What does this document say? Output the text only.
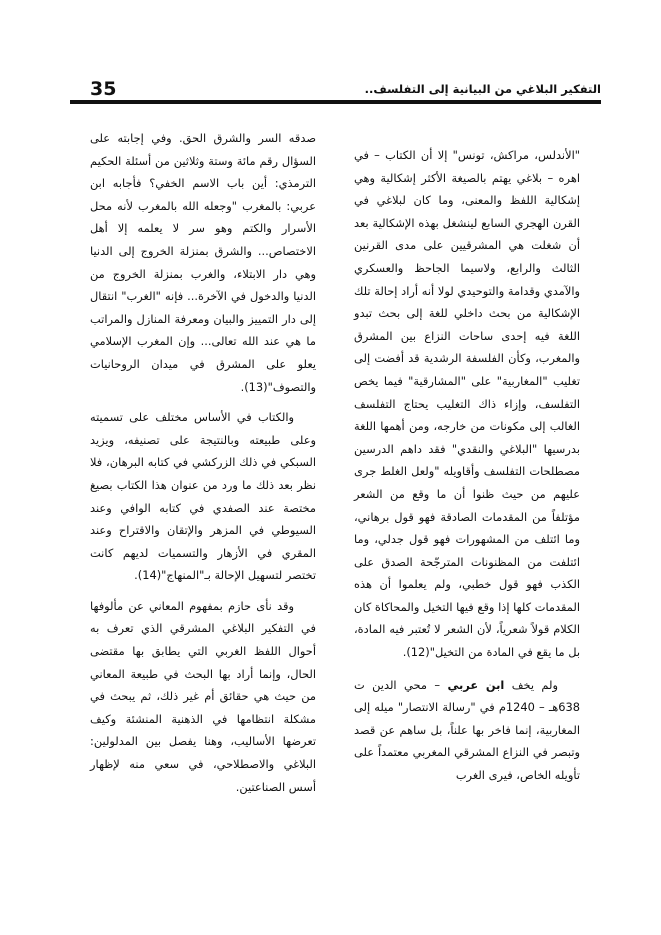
35	التفكير البلاغي من البيانية إلى التفلسف..

"الأندلس، مراكش، تونس" إلا أن الكتاب – في اهره – بلاغي يهتم بالصيغة الأكثر إشكالية وهي إشكالية اللفظ والمعنى، وما كان لبلاغي في القرن الهجري السابع لينشغل بهذه الإشكالية بعد أن شغلت هي المشرقيين على مدى القرنين الثالث والرابع، ولاسيما الجاحظ والعسكري والآمدي وقدامة والتوحيدي لولا أنه أراد إحالة تلك الإشكالية من بحث داخلي للغة إلى بحث تبدو اللغة فيه إحدى ساحات النزاع بين المشرق والمغرب، وكأن الفلسفة الرشدية قد أفضت إلى تغليب "المغاربية" على "المشارقية" فيما يخص التفلسف، وإزاء ذاك التغليب يحتاج التفلسف الغالب إلى مكونات من خارجه، ومن أهمها اللغة بدرسيها "البلاغي والنقدي" فقد داهم الدرسين مصطلحات التفلسف وأقاويله "ولعل الغلط جرى عليهم من حيث ظنوا أن ما وقع من الشعر مؤتلفاً من المقدمات الصادقة فهو قول برهاني، وما ائتلف من المشهورات فهو قول جدلي، وما ائتلفت من المظنونات المترجّحة الصدق على الكذب فهو قول خطبي، ولم يعلموا أن هذه المقدمات كلها إذا وقع فيها التخيل والمحاكاة كان الكلام قولاً شعرياً، لأن الشعر لا تُعتبر فيه المادة، بل ما يقع في المادة من التخيل"(12).

ولم يخف ابن عربي – محي الدين ت 638هـ – 1240م في "رسالة الانتصار" ميله إلى المغاربية، إنما فاخر بها علناً، بل ساهم عن قصد وتبصر في النزاع المشرقي المغربي معتمداً على تأويله الخاص، فيرى الغرب

صدقه السر والشرق الحق. وفي إجابته على السؤال رقم مائة وستة وثلاثين من أسئلة الحكيم الترمذي: أين باب الاسم الخفي؟ فأجابه ابن عربي: بالمغرب "وجعله الله بالمغرب لأنه محل الأسرار والكتم وهو سر لا يعلمه إلا أهل الاختصاص... والشرق بمنزلة الخروج إلى الدنيا وهي دار الابتلاء، والغرب بمنزلة الخروج من الدنيا والدخول في الآخرة... فإنه "الغرب" انتقال إلى دار التمييز والبيان ومعرفة المنازل والمراتب ما هي عند الله تعالى... وإن المغرب الإسلامي يعلو على المشرق في ميدان الروحانيات والتصوف"(13).

والكتاب في الأساس مختلف على تسميته وعلى طبيعته وبالنتيجة على تصنيفه، ويزيد السبكي في ذلك الزركشي في كتابه البرهان، فلا نظر بعد ذلك ما ورد من عنوان هذا الكتاب بصيغ مختصة عند الصفدي في كتابه الوافي وعند السيوطي في المزهر والإتقان والاقتراح وعند المقري في الأزهار والتسميات لديهم كانت تختصر لتسهيل الإحالة بـ"المنهاج"(14).

وقد نأى حازم بمفهوم المعاني عن مألوفها في التفكير البلاغي المشرقي الذي تعرف به أحوال اللفظ الغربي التي يطابق بها مقتضى الحال، وإنما أراد بها البحث في طبيعة المعاني من حيث هي حقائق أم غير ذلك، ثم يبحث في مشكلة انتظامها في الذهنية المنشئة وكيف تعرضها الأساليب، وهنا يفصل بين المدلولين: البلاغي والاصطلاحي، في سعي منه لإظهار أسس الصناعتين.
